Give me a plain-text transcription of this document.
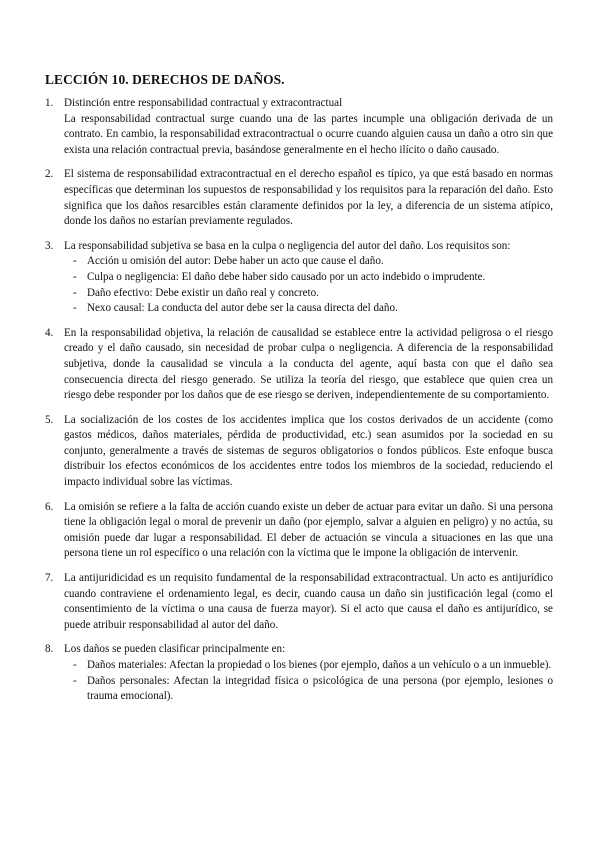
LECCIÓN 10. DERECHOS DE DAÑOS.
1. Distinción entre responsabilidad contractual y extracontractual
La responsabilidad contractual surge cuando una de las partes incumple una obligación derivada de un contrato. En cambio, la responsabilidad extracontractual o ocurre cuando alguien causa un daño a otro sin que exista una relación contractual previa, basándose generalmente en el hecho ilícito o daño causado.
2. El sistema de responsabilidad extracontractual en el derecho español es típico, ya que está basado en normas específicas que determinan los supuestos de responsabilidad y los requisitos para la reparación del daño. Esto significa que los daños resarcibles están claramente definidos por la ley, a diferencia de un sistema atípico, donde los daños no estarían previamente regulados.
3. La responsabilidad subjetiva se basa en la culpa o negligencia del autor del daño. Los requisitos son:
- Acción u omisión del autor: Debe haber un acto que cause el daño.
- Culpa o negligencia: El daño debe haber sido causado por un acto indebido o imprudente.
- Daño efectivo: Debe existir un daño real y concreto.
- Nexo causal: La conducta del autor debe ser la causa directa del daño.
4. En la responsabilidad objetiva, la relación de causalidad se establece entre la actividad peligrosa o el riesgo creado y el daño causado, sin necesidad de probar culpa o negligencia. A diferencia de la responsabilidad subjetiva, donde la causalidad se vincula a la conducta del agente, aquí basta con que el daño sea consecuencia directa del riesgo generado. Se utiliza la teoría del riesgo, que establece que quien crea un riesgo debe responder por los daños que de ese riesgo se deriven, independientemente de su comportamiento.
5. La socialización de los costes de los accidentes implica que los costos derivados de un accidente (como gastos médicos, daños materiales, pérdida de productividad, etc.) sean asumidos por la sociedad en su conjunto, generalmente a través de sistemas de seguros obligatorios o fondos públicos. Este enfoque busca distribuir los efectos económicos de los accidentes entre todos los miembros de la sociedad, reduciendo el impacto individual sobre las víctimas.
6. La omisión se refiere a la falta de acción cuando existe un deber de actuar para evitar un daño. Si una persona tiene la obligación legal o moral de prevenir un daño (por ejemplo, salvar a alguien en peligro) y no actúa, su omisión puede dar lugar a responsabilidad. El deber de actuación se vincula a situaciones en las que una persona tiene un rol específico o una relación con la víctima que le impone la obligación de intervenir.
7. La antijuridicidad es un requisito fundamental de la responsabilidad extracontractual. Un acto es antijurídico cuando contraviene el ordenamiento legal, es decir, cuando causa un daño sin justificación legal (como el consentimiento de la víctima o una causa de fuerza mayor). Si el acto que causa el daño es antijurídico, se puede atribuir responsabilidad al autor del daño.
8. Los daños se pueden clasificar principalmente en:
- Daños materiales: Afectan la propiedad o los bienes (por ejemplo, daños a un vehículo o a un inmueble).
- Daños personales: Afectan la integridad física o psicológica de una persona (por ejemplo, lesiones o trauma emocional).
